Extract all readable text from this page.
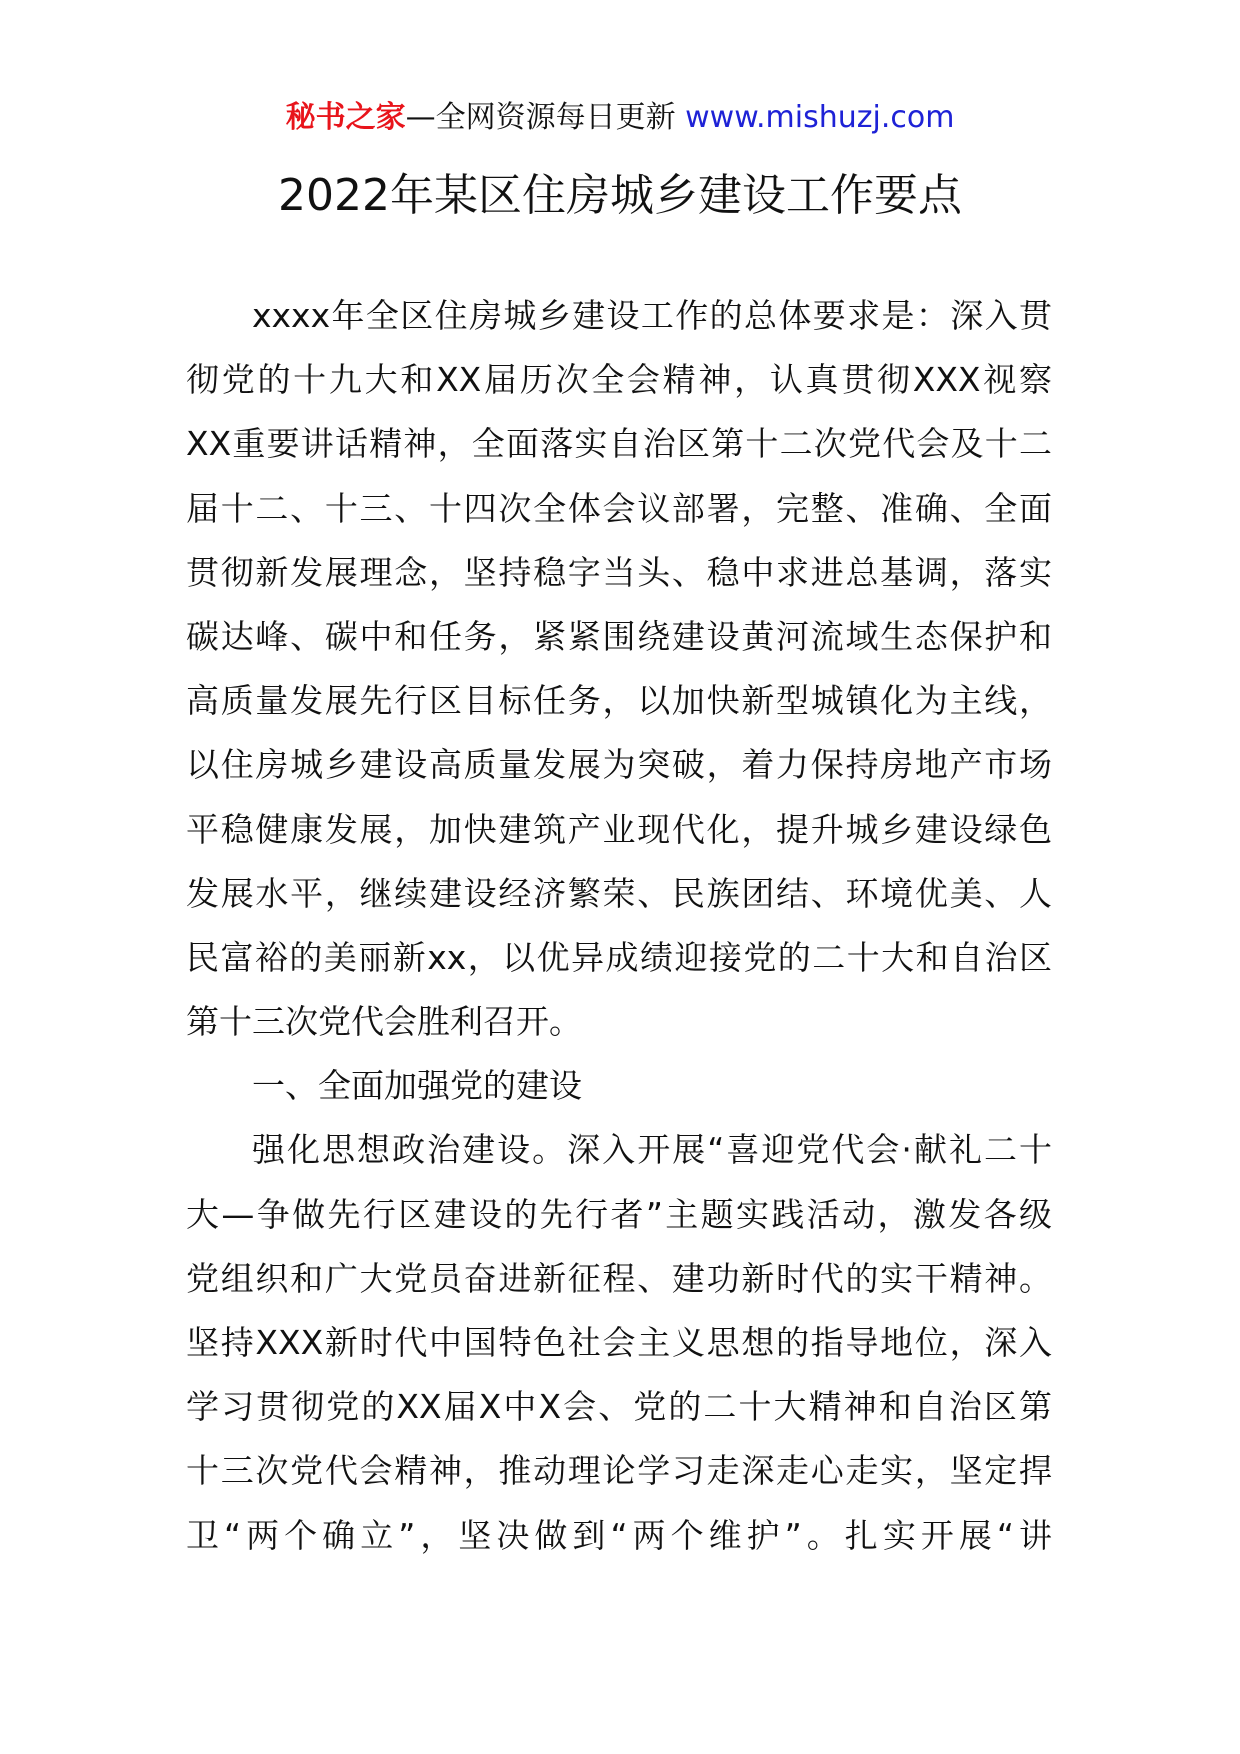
秘书之家—全网资源每日更新 www.mishuzj.com
2022年某区住房城乡建设工作要点
xxxx年全区住房城乡建设工作的总体要求是：深入贯
彻党的十九大和XX届历次全会精神，认真贯彻XXX视察
XX重要讲话精神，全面落实自治区第十二次党代会及十二
届十二、十三、十四次全体会议部署，完整、准确、全面
贯彻新发展理念，坚持稳字当头、稳中求进总基调，落实
碳达峰、碳中和任务，紧紧围绕建设黄河流域生态保护和
高质量发展先行区目标任务，以加快新型城镇化为主线，
以住房城乡建设高质量发展为突破，着力保持房地产市场
平稳健康发展，加快建筑产业现代化，提升城乡建设绿色
发展水平，继续建设经济繁荣、民族团结、环境优美、人
民富裕的美丽新xx，以优异成绩迎接党的二十大和自治区
第十三次党代会胜利召开。
一、全面加强党的建设
强化思想政治建设。深入开展“喜迎党代会·献礼二十
大—争做先行区建设的先行者”主题实践活动，激发各级
党组织和广大党员奋进新征程、建功新时代的实干精神。
坚持XXX新时代中国特色社会主义思想的指导地位，深入
学习贯彻党的XX届X中X会、党的二十大精神和自治区第
十三次党代会精神，推动理论学习走深走心走实，坚定捍
卫“两个确立”，坚决做到“两个维护”。扎实开展“讲
